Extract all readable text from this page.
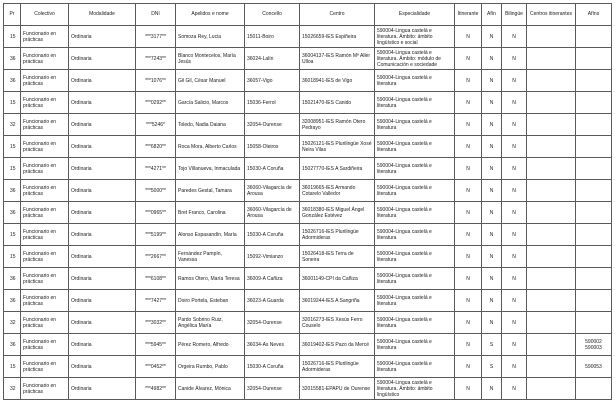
Pr	Colectivo	Modalidade	DNI	Apelidos e nome	Concello	Centro	Especialidade	Itinerante	Afín	Bilingüe	Centros itinerantes	Afíns
15	Funcionario en prácticas	Ordinaria	***3177**	Somoza Rey, Lucia	15011-Boiro	15026659-IES Espiñeira	590004-Lingua castelá e literatura. Ámbito: ámbito lingüístico e social	N	N	N		
36	Funcionario en prácticas	Ordinaria	***7243**	Blanco Montecelos, María Jesús	36024-Lalín	36004137-IES Ramón Mª Aller Ulloa	590004-Lingua castelá e literatura. Ámbito: módulo de Comunicación e sociedade	N	N	N		
36	Funcionario en prácticas	Ordinaria	***1076**	Gil Gil, César Manuel	36057-Vigo	36018941-IES de Vigo	590004-Lingua castelá e literatura	N	N	N		
15	Funcionario en prácticas	Ordinaria	***0292**	García Salicio, Marcos	15036-Ferrol	15021470-IES Canido	590004-Lingua castelá e literatura	N	N	N		
32	Funcionario en prácticas	Ordinaria	***5246*	Toledo, Nadia Daiana	32054-Ourense	32008951-IES Ramón Otero Pedrayo	590004-Lingua castelá e literatura	N	N	N		
15	Funcionario en prácticas	Ordinaria	***6820**	Roca Mora, Alberto Carlos	15058-Oleiros	15026121-IES Plurilingüe Xosé Neira Vilas	590004-Lingua castelá e literatura	N	N	N		
15	Funcionario en prácticas	Ordinaria	***4271**	Tojo Villanueva, Inmaculada	15030-A Coruña	15027770-IES A Sardiñeira	590004-Lingua castelá e literatura	N	N	N		
36	Funcionario en prácticas	Ordinaria	***5000**	Paredes Gestal, Tamara	36060-Vilagarcía de Arousa	36019665-IES Armando Cotarelo Valledor	590004-Lingua castelá e literatura	N	N	N		
36	Funcionario en prácticas	Ordinaria	***0965**	Bret Franco, Carolina	36060-Vilagarcía de Arousa	36018380-IES Miguel Ángel González Estévez	590004-Lingua castelá e literatura	N	N	N		
15	Funcionario en prácticas	Ordinaria	***5199**	Alonso Espasandín, María	15030-A Coruña	15026716-IES Plurilingüe Adormideras	590004-Lingua castelá e literatura	N	N	N		
15	Funcionario en prácticas	Ordinaria	***2667**	Fernández Pampín, Vanessa	15092-Vimianzo	15026418-IES Terra de Soneira	590004-Lingua castelá e literatura	N	N	N		
36	Funcionario en prácticas	Ordinaria	***6108**	Ramos Otero, María Teresa	36009-A Cañiza	36001149-CPI da Cañiza	590004-Lingua castelá e literatura	N	N	N		
36	Funcionario en prácticas	Ordinaria	***7427**	Doiro Portela, Esteban	36023-A Guarda	36019244-IES A Sangriña	590004-Lingua castelá e literatura	N	N	N		
32	Funcionario en prácticas	Ordinaria	***3032**	Pardo Sobrino Ruiz, Angélica María	32054-Ourense	32016273-IES Xesús Ferro Couselo	590004-Lingua castelá e literatura	N	N	N		
36	Funcionario en prácticas	Ordinaria	***5945**	Pérez Romero, Alfredo	36034-As Neves	36019402-IES Pazo da Mercé	590004-Lingua castelá e literatura	N	S	N		590002
590003
15	Funcionario en prácticas	Ordinaria	***0452**	Orgeira Rumbo, Pablo	15030-A Coruña	15026716-IES Plurilingüe Adormideras	590004-Lingua castelá e literatura	N	S	N		590053
32	Funcionario en prácticas	Ordinaria	***4982**	Canide Álvarez, Mónica	32054-Ourense	32015581-EPAPU de Ourense	590004-Lingua castelá e literatura. Ámbito: ámbito lingüístico	N	N	N		
